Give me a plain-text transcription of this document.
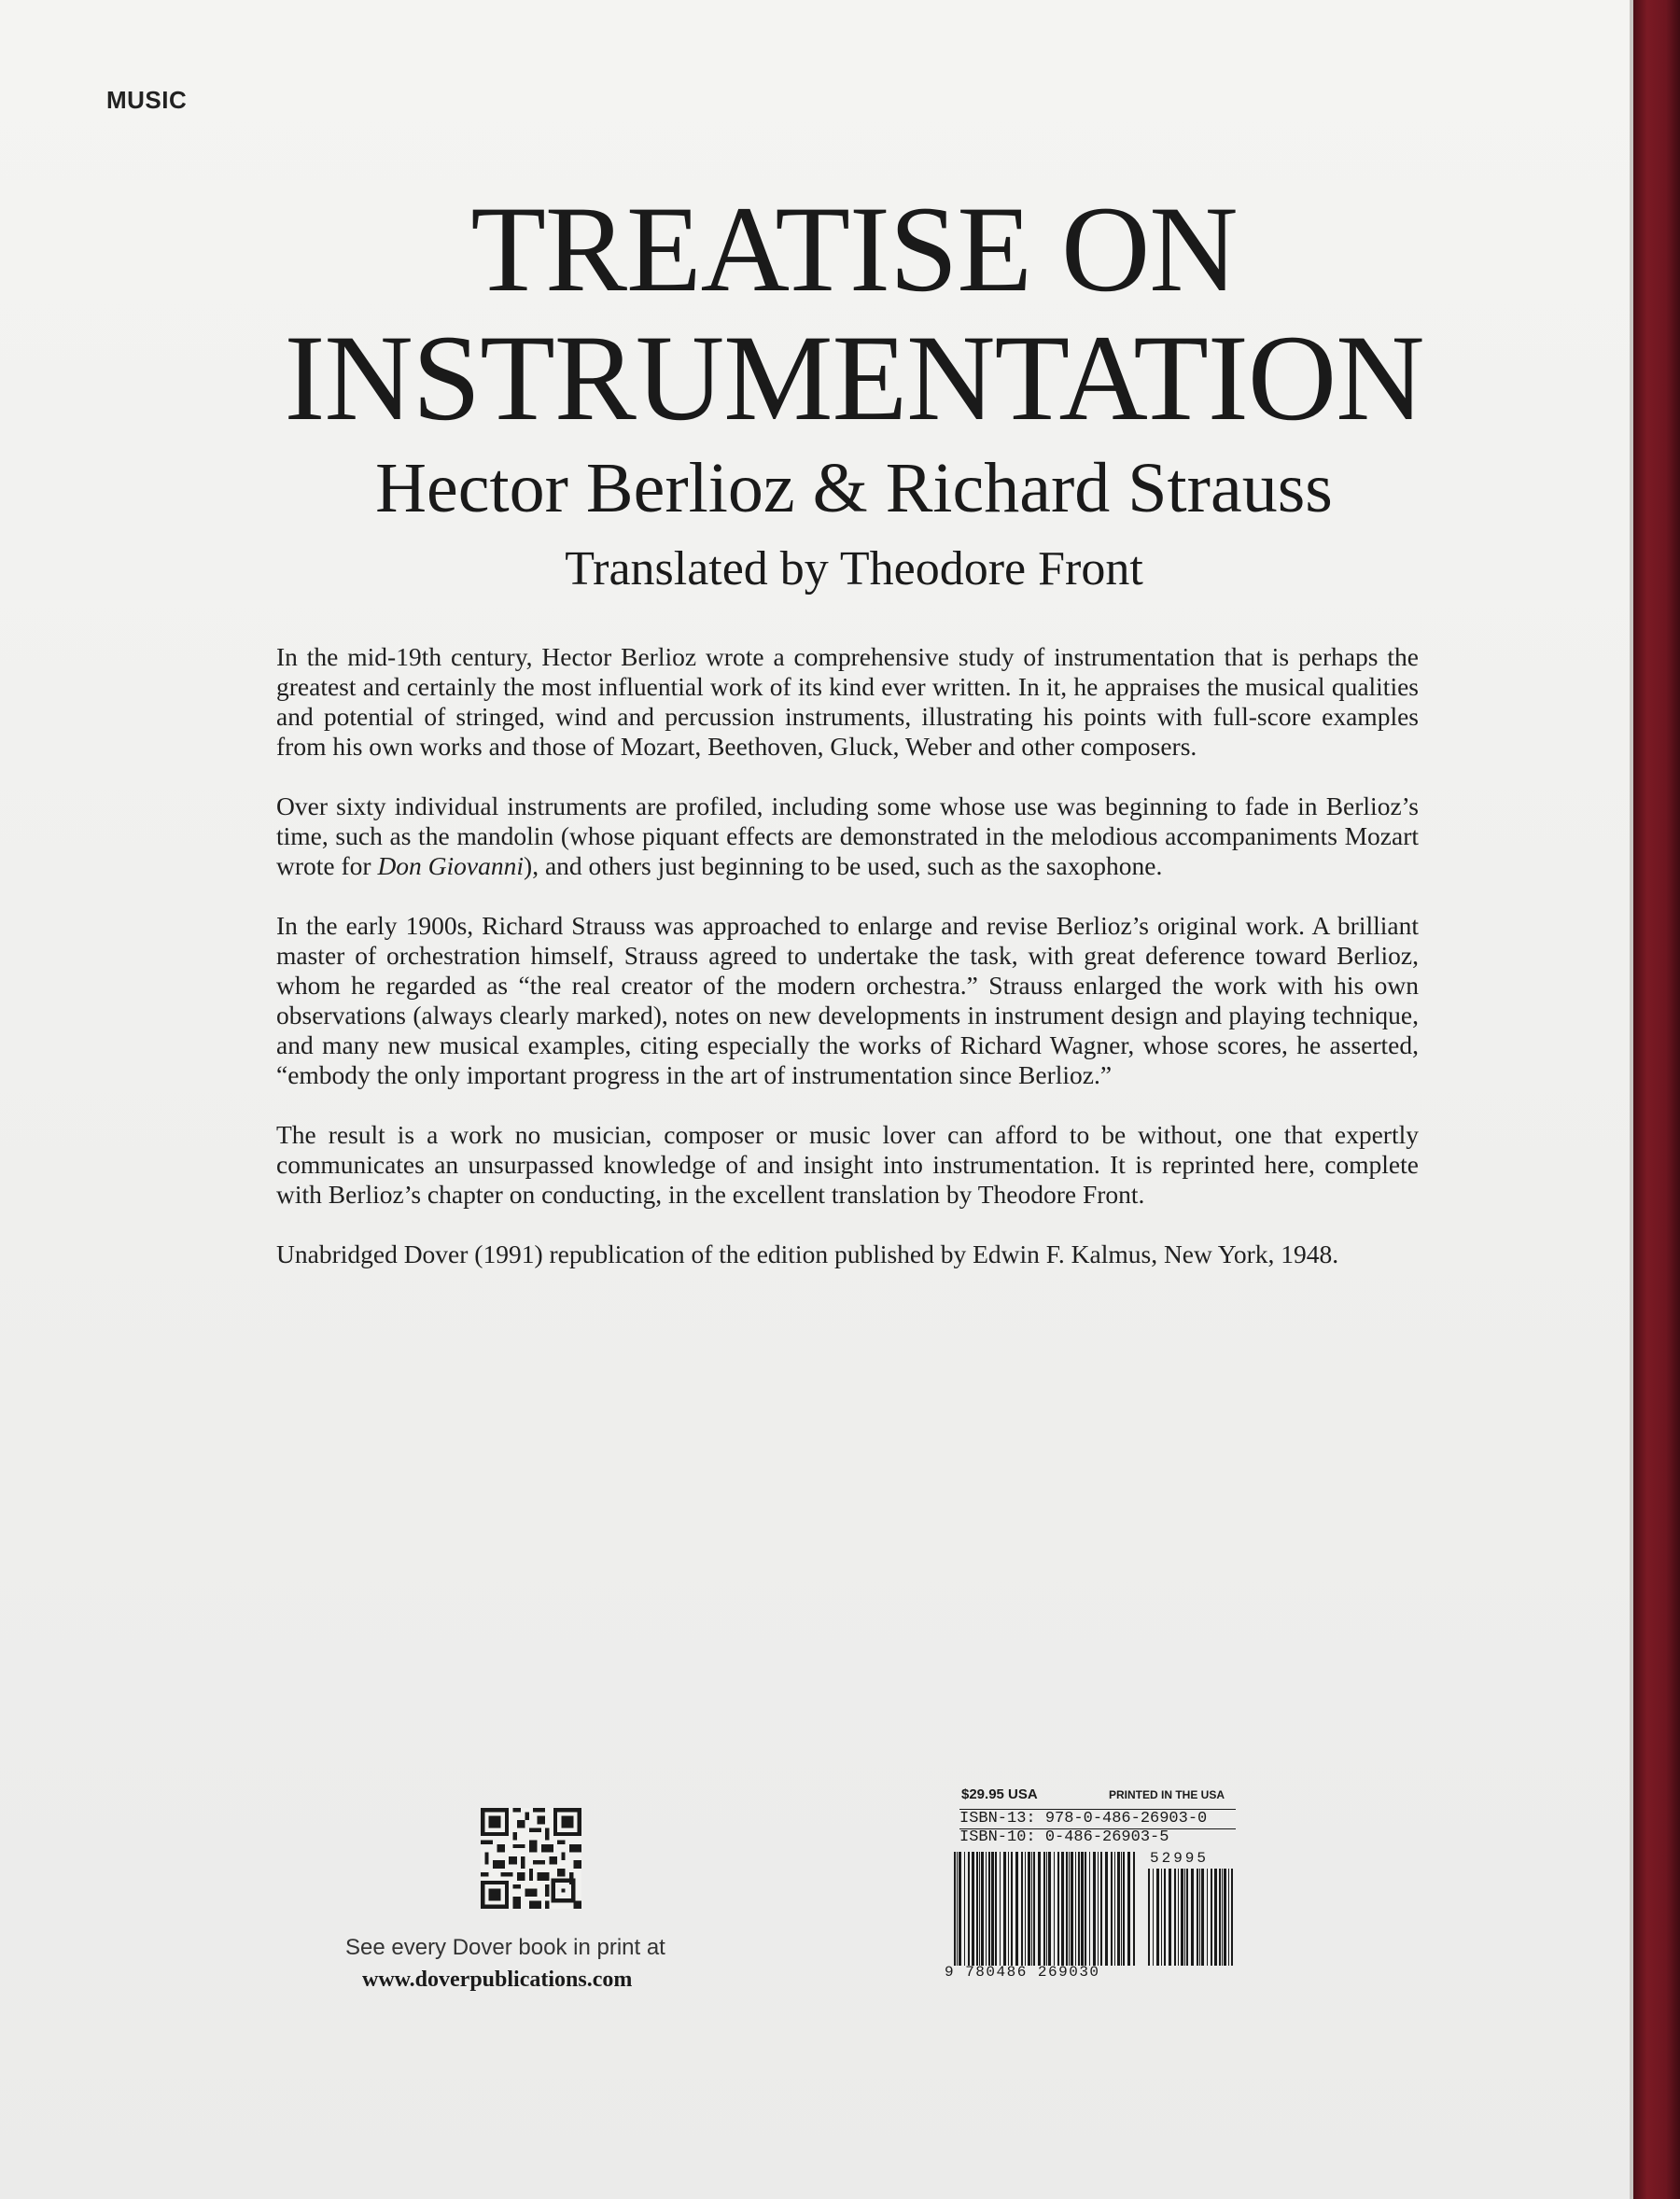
MUSIC
TREATISE ON
INSTRUMENTATION
Hector Berlioz & Richard Strauss
Translated by Theodore Front

In the mid-19th century, Hector Berlioz wrote a comprehensive study of instrumentation that is perhaps the greatest and certainly the most influential work of its kind ever written. In it, he appraises the musical qualities and potential of stringed, wind and percussion instruments, illustrating his points with full-score examples from his own works and those of Mozart, Beethoven, Gluck, Weber and other composers.

Over sixty individual instruments are profiled, including some whose use was beginning to fade in Berlioz’s time, such as the mandolin (whose piquant effects are demonstrated in the melodious accompaniments Mozart wrote for Don Giovanni), and others just beginning to be used, such as the saxophone.

In the early 1900s, Richard Strauss was approached to enlarge and revise Berlioz’s original work. A brilliant master of orchestration himself, Strauss agreed to undertake the task, with great deference toward Berlioz, whom he regarded as “the real creator of the modern orchestra.” Strauss enlarged the work with his own observations (always clearly marked), notes on new developments in instrument design and playing technique, and many new musical examples, citing especially the works of Richard Wagner, whose scores, he asserted, “embody the only important progress in the art of instrumentation since Berlioz.”

The result is a work no musician, composer or music lover can afford to be without, one that expertly communicates an unsurpassed knowledge of and insight into instrumentation. It is reprinted here, complete with Berlioz’s chapter on conducting, in the excellent translation by Theodore Front.

Unabridged Dover (1991) republication of the edition published by Edwin F. Kalmus, New York, 1948.

See every Dover book in print at
www.doverpublications.com
$29.95 USA	PRINTED IN THE USA
ISBN-13: 978-0-486-26903-0
ISBN-10: 0-486-26903-5
52995
9 780486 269030
